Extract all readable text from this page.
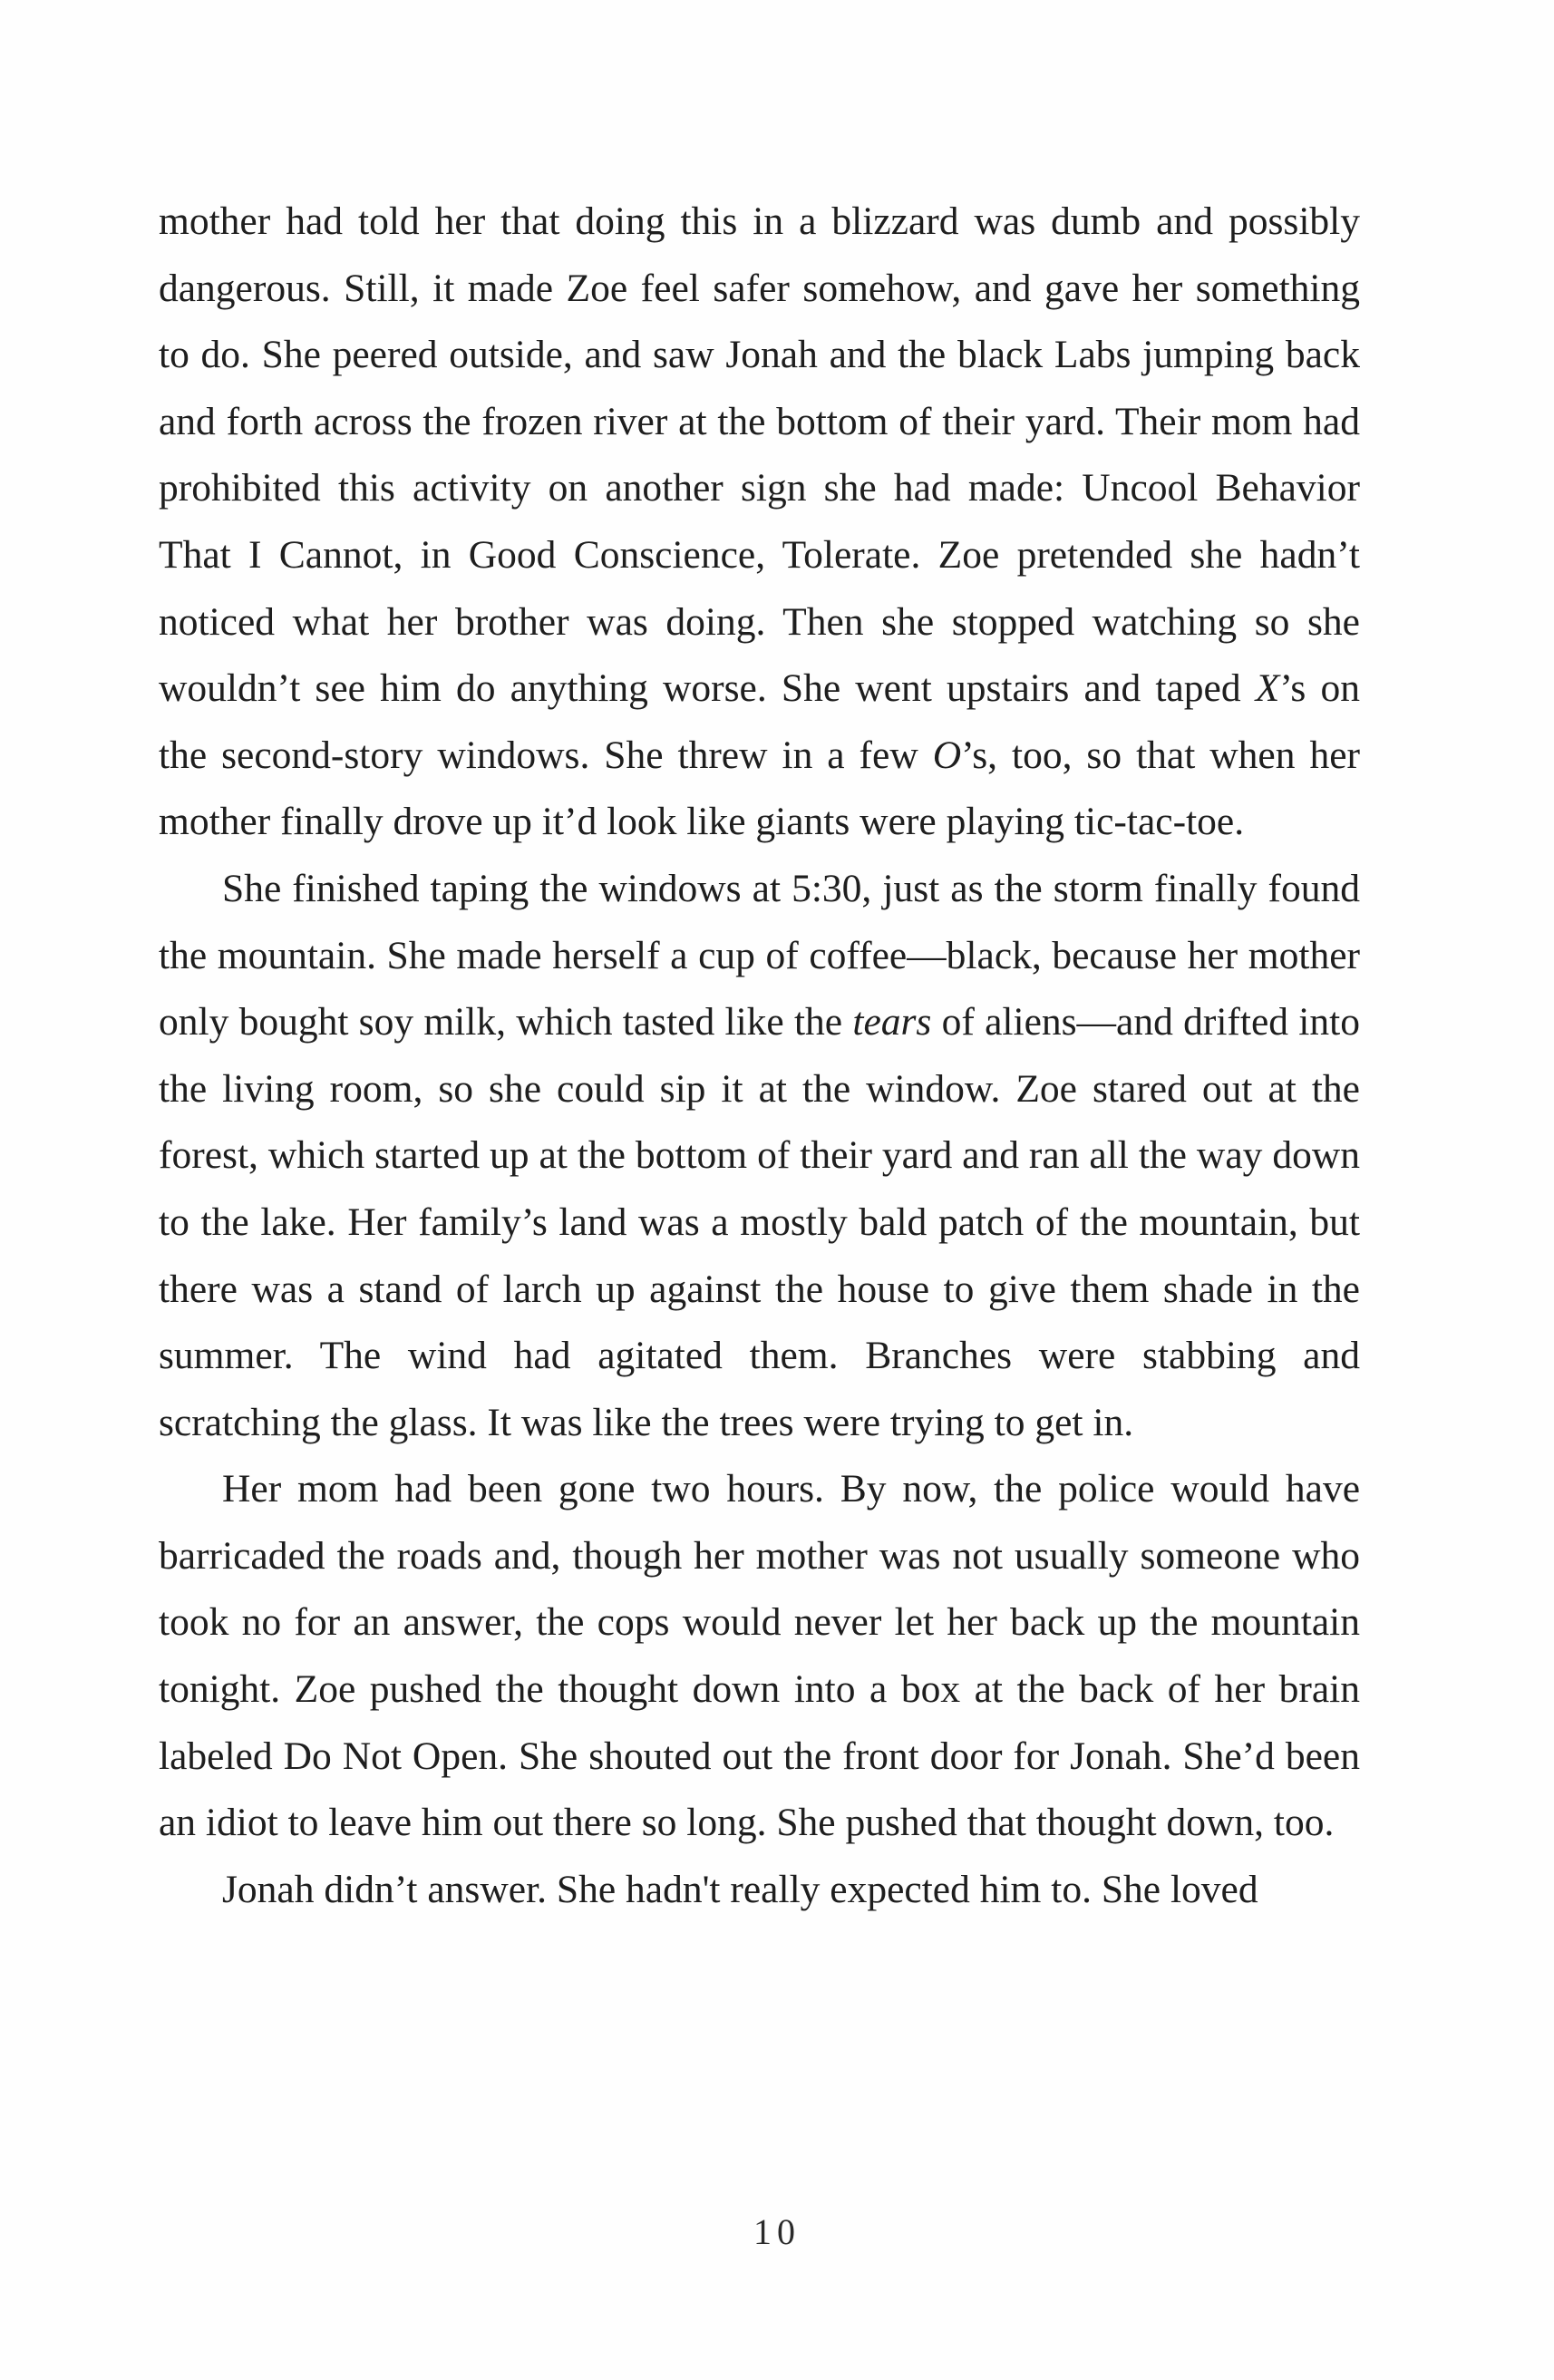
mother had told her that doing this in a blizzard was dumb and possibly dangerous. Still, it made Zoe feel safer somehow, and gave her something to do. She peered outside, and saw Jonah and the black Labs jumping back and forth across the frozen river at the bottom of their yard. Their mom had prohibited this activity on another sign she had made: Uncool Behavior That I Cannot, in Good Conscience, Tolerate. Zoe pretended she hadn’t noticed what her brother was doing. Then she stopped watching so she wouldn’t see him do anything worse. She went upstairs and taped X’s on the second-story windows. She threw in a few O’s, too, so that when her mother finally drove up it’d look like giants were playing tic-tac-toe.

She finished taping the windows at 5:30, just as the storm finally found the mountain. She made herself a cup of coffee—black, because her mother only bought soy milk, which tasted like the tears of aliens—and drifted into the living room, so she could sip it at the window. Zoe stared out at the forest, which started up at the bottom of their yard and ran all the way down to the lake. Her family’s land was a mostly bald patch of the mountain, but there was a stand of larch up against the house to give them shade in the summer. The wind had agitated them. Branches were stabbing and scratching the glass. It was like the trees were trying to get in.

Her mom had been gone two hours. By now, the police would have barricaded the roads and, though her mother was not usually someone who took no for an answer, the cops would never let her back up the mountain tonight. Zoe pushed the thought down into a box at the back of her brain labeled Do Not Open. She shouted out the front door for Jonah. She’d been an idiot to leave him out there so long. She pushed that thought down, too.

Jonah didn’t answer. She hadn't really expected him to. She loved

10
